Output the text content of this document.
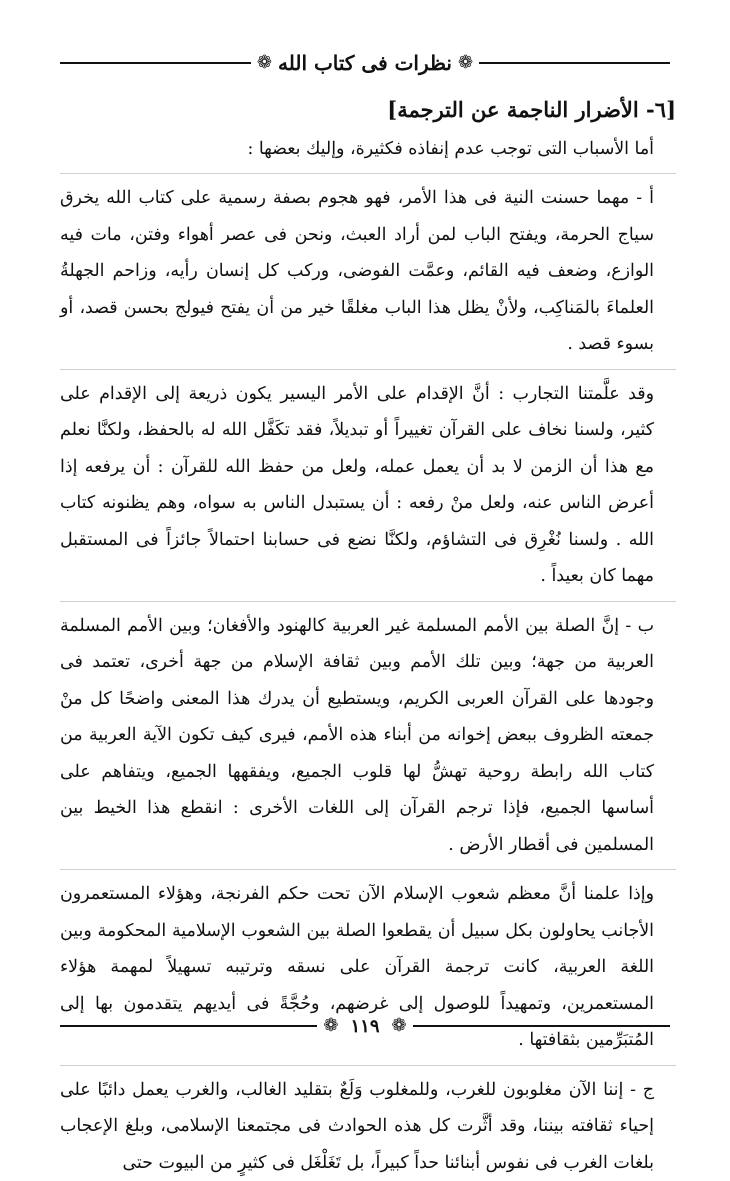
❁
نظرات فى كتاب الله
❁
[٦- الأضرار الناجمة عن الترجمة]

أما الأسباب التى توجب عدم إنفاذه فكثيرة، وإليك بعضها :

أ - مهما حسنت النية فى هذا الأمر، فهو هجوم بصفة رسمية على كتاب الله يخرق سياج الحرمة، ويفتح الباب لمن أراد العبث، ونحن فى عصر أهواء وفتن، مات فيه الوازع، وضعف فيه القائم، وعمَّت الفوضى، وركب كل إنسان رأيه، وزاحم الجهلةُ العلماءَ بالمَناكِب، ولأنْ يظل هذا الباب مغلقًا خير من أن يفتح فيولج بحسن قصد، أو بسوء قصد .

وقد علَّمتنا التجارب : أنَّ الإقدام على الأمر اليسير يكون ذريعة إلى الإقدام على كثير، ولسنا نخاف على القرآن تغييراً أو تبديلاً، فقد تكَفَّل الله له بالحفظ، ولكنَّا نعلم مع هذا أن الزمن لا بد أن يعمل عمله، ولعل من حفظ الله للقرآن : أن يرفعه إذا أعرض الناس عنه، ولعل منْ رفعه : أن يستبدل الناس به سواه، وهم يظنونه كتاب الله . ولسنا نُغْرِق فى التشاؤم، ولكنَّا نضع فى حسابنا احتمالاً جائزاً فى المستقبل مهما كان بعيداً .

ب - إنَّ الصلة بين الأمم المسلمة غير العربية كالهنود والأفغان؛ وبين الأمم المسلمة العربية من جهة؛ وبين تلك الأمم وبين ثقافة الإسلام من جهة أخرى، تعتمد فى وجودها على القرآن العربى الكريم، ويستطيع أن يدرك هذا المعنى واضحًا كل منْ جمعته الظروف ببعض إخوانه من أبناء هذه الأمم، فيرى كيف تكون الآية العربية من كتاب الله رابطة روحية تهشُّ لها قلوب الجميع، ويفقهها الجميع، ويتفاهم على أساسها الجميع، فإذا ترجم القرآن إلى اللغات الأخرى : انقطع هذا الخيط بين المسلمين فى أقطار الأرض .

وإذا علمنا أنَّ معظم شعوب الإسلام الآن تحت حكم الفرنجة، وهؤلاء المستعمرون الأجانب يحاولون بكل سبيل أن يقطعوا الصلة بين الشعوب الإسلامية المحكومة وبين اللغة العربية، كانت ترجمة القرآن على نسقه وترتيبه تسهيلاً لمهمة هؤلاء المستعمرين، وتمهيداً للوصول إلى غرضهم، وحُجَّةً فى أيديهم يتقدمون بها إلى المُتبَرِّمين بثقافتها .

ج - إننا الآن مغلوبون للغرب، وللمغلوب وَلَعٌ بتقليد الغالب، والغرب يعمل دائبًا على إحياء ثقافته بيننا، وقد أثَّرت كل هذه الحوادث فى مجتمعنا الإسلامى، وبلغ الإعجاب بلغات الغرب فى نفوس أبنائنا حداً كبيراً، بل تَغَلْغَل فى كثيرٍ من البيوت حتى

❁
١١٩
❁
